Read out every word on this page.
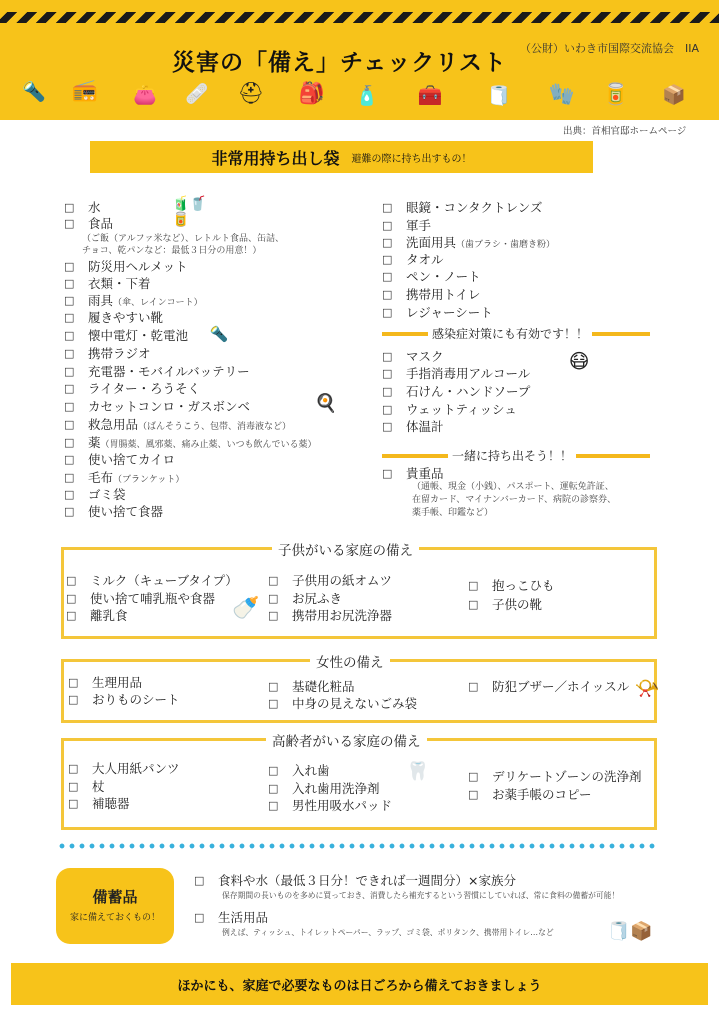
🔦	📻	👛	🩹	⛑	🎒	🧴	🧰	🧻	🧤	🥫	📦
災害の「備え」チェックリスト
（公財）いわき市国際交流協会　IIA
出典：首相官邸ホームページ
非常用持ち出し袋 避難の際に持ち出すもの！
□ 水	🧃🥤🥫
□ 食品
（ご飯（アルファ米など）、レトルト食品、缶詰、
チョコ、乾パンなど：最低３日分の用意！）
□ 防災用ヘルメット
□ 衣類・下着
□ 雨具（傘、レインコート）
□ 履きやすい靴
□ 懐中電灯・乾電池	🔦
□ 携帯ラジオ
□ 充電器・モバイルバッテリー
□ ライター・ろうそく
□ カセットコンロ・ガスボンベ	🍳
□ 救急用品（ばんそうこう、包帯、消毒液など）
□ 薬（胃腸薬、風邪薬、痛み止薬、いつも飲んでいる薬）
□ 使い捨てカイロ
□ 毛布（ブランケット）
□ ゴミ袋
□ 使い捨て食器
□ 眼鏡・コンタクトレンズ
□ 軍手
□ 洗面用具（歯ブラシ・歯磨き粉）
□ タオル
□ ペン・ノート
□ 携帯用トイレ
□ レジャーシート
感染症対策にも有効です！！
□ マスク	😷
□ 手指消毒用アルコール
□ 石けん・ハンドソープ
□ ウェットティッシュ
□ 体温計
一緒に持ち出そう！！
□ 貴重品
（通帳、現金（小銭）、パスポート、運転免許証、
在留カード、マイナンバーカード、病院の診察券、
薬手帳、印鑑など）
子供がいる家庭の備え
□ ミルク（キューブタイプ）
□ 使い捨て哺乳瓶や食器
□ 離乳食	🍼
□ 子供用の紙オムツ
□ お尻ふき
□ 携帯用お尻洗浄器
□ 抱っこひも
□ 子供の靴
女性の備え
□ 生理用品
□ おりものシート
□ 基礎化粧品
□ 中身の見えないごみ袋
□ 防犯ブザー／ホイッスル 📯
高齢者がいる家庭の備え
□ 大人用紙パンツ
□ 杖
□ 補聴器
□ 入れ歯	🦷
□ 入れ歯用洗浄剤
□ 男性用吸水パッド
□ デリケートゾーンの洗浄剤
□ お薬手帳のコピー
備蓄品
家に備えておくもの！
□ 食料や水（最低３日分！できれば一週間分）×家族分
保存期間の長いものを多めに買っておき、消費したら補充するという習慣にしていれば、常に食料の備蓄が可能！
□ 生活用品
例えば、ティッシュ、トイレットペーパー、ラップ、ゴミ袋、ポリタンク、携帯用トイレ…など	🧻📦
ほかにも、家庭で必要なものは日ごろから備えておきましょう
